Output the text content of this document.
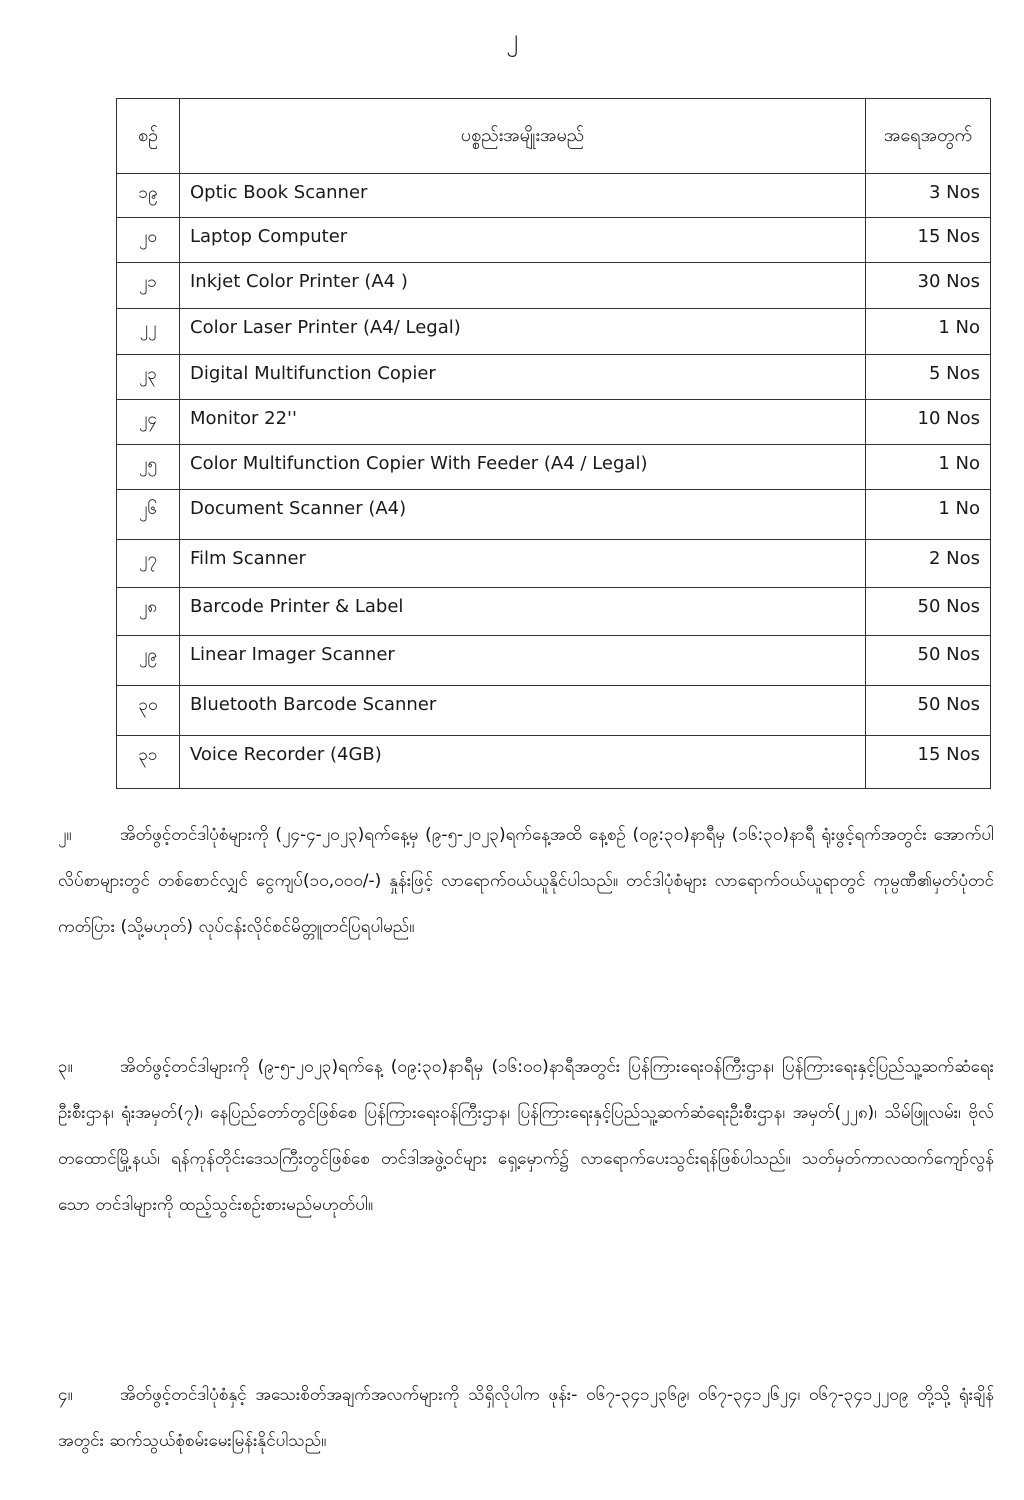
၂
စဉ်	ပစ္စည်းအမျိုးအမည်	အရေအတွက်
၁၉	Optic Book Scanner	3 Nos
၂၀	Laptop Computer	15 Nos
၂၁	Inkjet Color Printer (A4 )	30 Nos
၂၂	Color Laser Printer (A4/ Legal)	1 No
၂၃	Digital Multifunction Copier	5 Nos
၂၄	Monitor 22''	10 Nos
၂၅	Color Multifunction Copier With Feeder (A4 / Legal)	1 No
၂၆	Document Scanner (A4)	1 No
၂၇	Film Scanner	2 Nos
၂၈	Barcode Printer & Label	50 Nos
၂၉	Linear Imager Scanner	50 Nos
၃၀	Bluetooth Barcode Scanner	50 Nos
၃၁	Voice Recorder (4GB)	15 Nos

၂။	အိတ်ဖွင့်တင်ဒါပုံစံများကို (၂၄-၄-၂၀၂၃)ရက်နေ့မှ (၉-၅-၂၀၂၃)ရက်နေ့အထိ နေ့စဉ် (၀၉:၃၀)နာရီမှ (၁၆:၃၀)နာရီ ရုံးဖွင့်ရက်အတွင်း အောက်ပါလိပ်စာများတွင် တစ်စောင်လျှင် ငွေကျပ်(၁၀,၀၀၀/-) နှုန်းဖြင့် လာရောက်ဝယ်ယူနိုင်ပါသည်။ တင်ဒါပုံစံများ လာရောက်ဝယ်ယူရာတွင် ကုမ္ပဏီ၏မှတ်ပုံတင်ကတ်ပြား (သို့မဟုတ်) လုပ်ငန်းလိုင်စင်မိတ္တူတင်ပြရပါမည်။

၃။	အိတ်ဖွင့်တင်ဒါများကို (၉-၅-၂၀၂၃)ရက်နေ့ (၀၉:၃၀)နာရီမှ (၁၆:၀၀)နာရီအတွင်း ပြန်ကြားရေးဝန်ကြီးဌာန၊ ပြန်ကြားရေးနှင့်ပြည်သူ့ဆက်ဆံရေးဦးစီးဌာန၊ ရုံးအမှတ်(၇)၊ နေပြည်တော်တွင်ဖြစ်စေ ပြန်ကြားရေးဝန်ကြီးဌာန၊ ပြန်ကြားရေးနှင့်ပြည်သူ့ဆက်ဆံရေးဦးစီးဌာန၊ အမှတ်(၂၂၈)၊ သိမ်ဖြူလမ်း၊ ဗိုလ်တထောင်မြို့နယ်၊ ရန်ကုန်တိုင်းဒေသကြီးတွင်ဖြစ်စေ တင်ဒါအဖွဲ့ဝင်များ ရှေ့မှောက်၌ လာရောက်ပေးသွင်းရန်ဖြစ်ပါသည်။ သတ်မှတ်ကာလထက်ကျော်လွန်သော တင်ဒါများကို ထည့်သွင်းစဉ်းစားမည်မဟုတ်ပါ။

၄။	အိတ်ဖွင့်တင်ဒါပုံစံနှင့် အသေးစိတ်အချက်အလက်များကို သိရှိလိုပါက ဖုန်း- ၀၆၇-၃၄၁၂၃၆၉၊ ၀၆၇-၃၄၁၂၆၂၄၊ ၀၆၇-၃၄၁၂၂၀၉ တို့သို့ ရုံးချိန်အတွင်း ဆက်သွယ်စုံစမ်းမေးမြန်းနိုင်ပါသည်။
